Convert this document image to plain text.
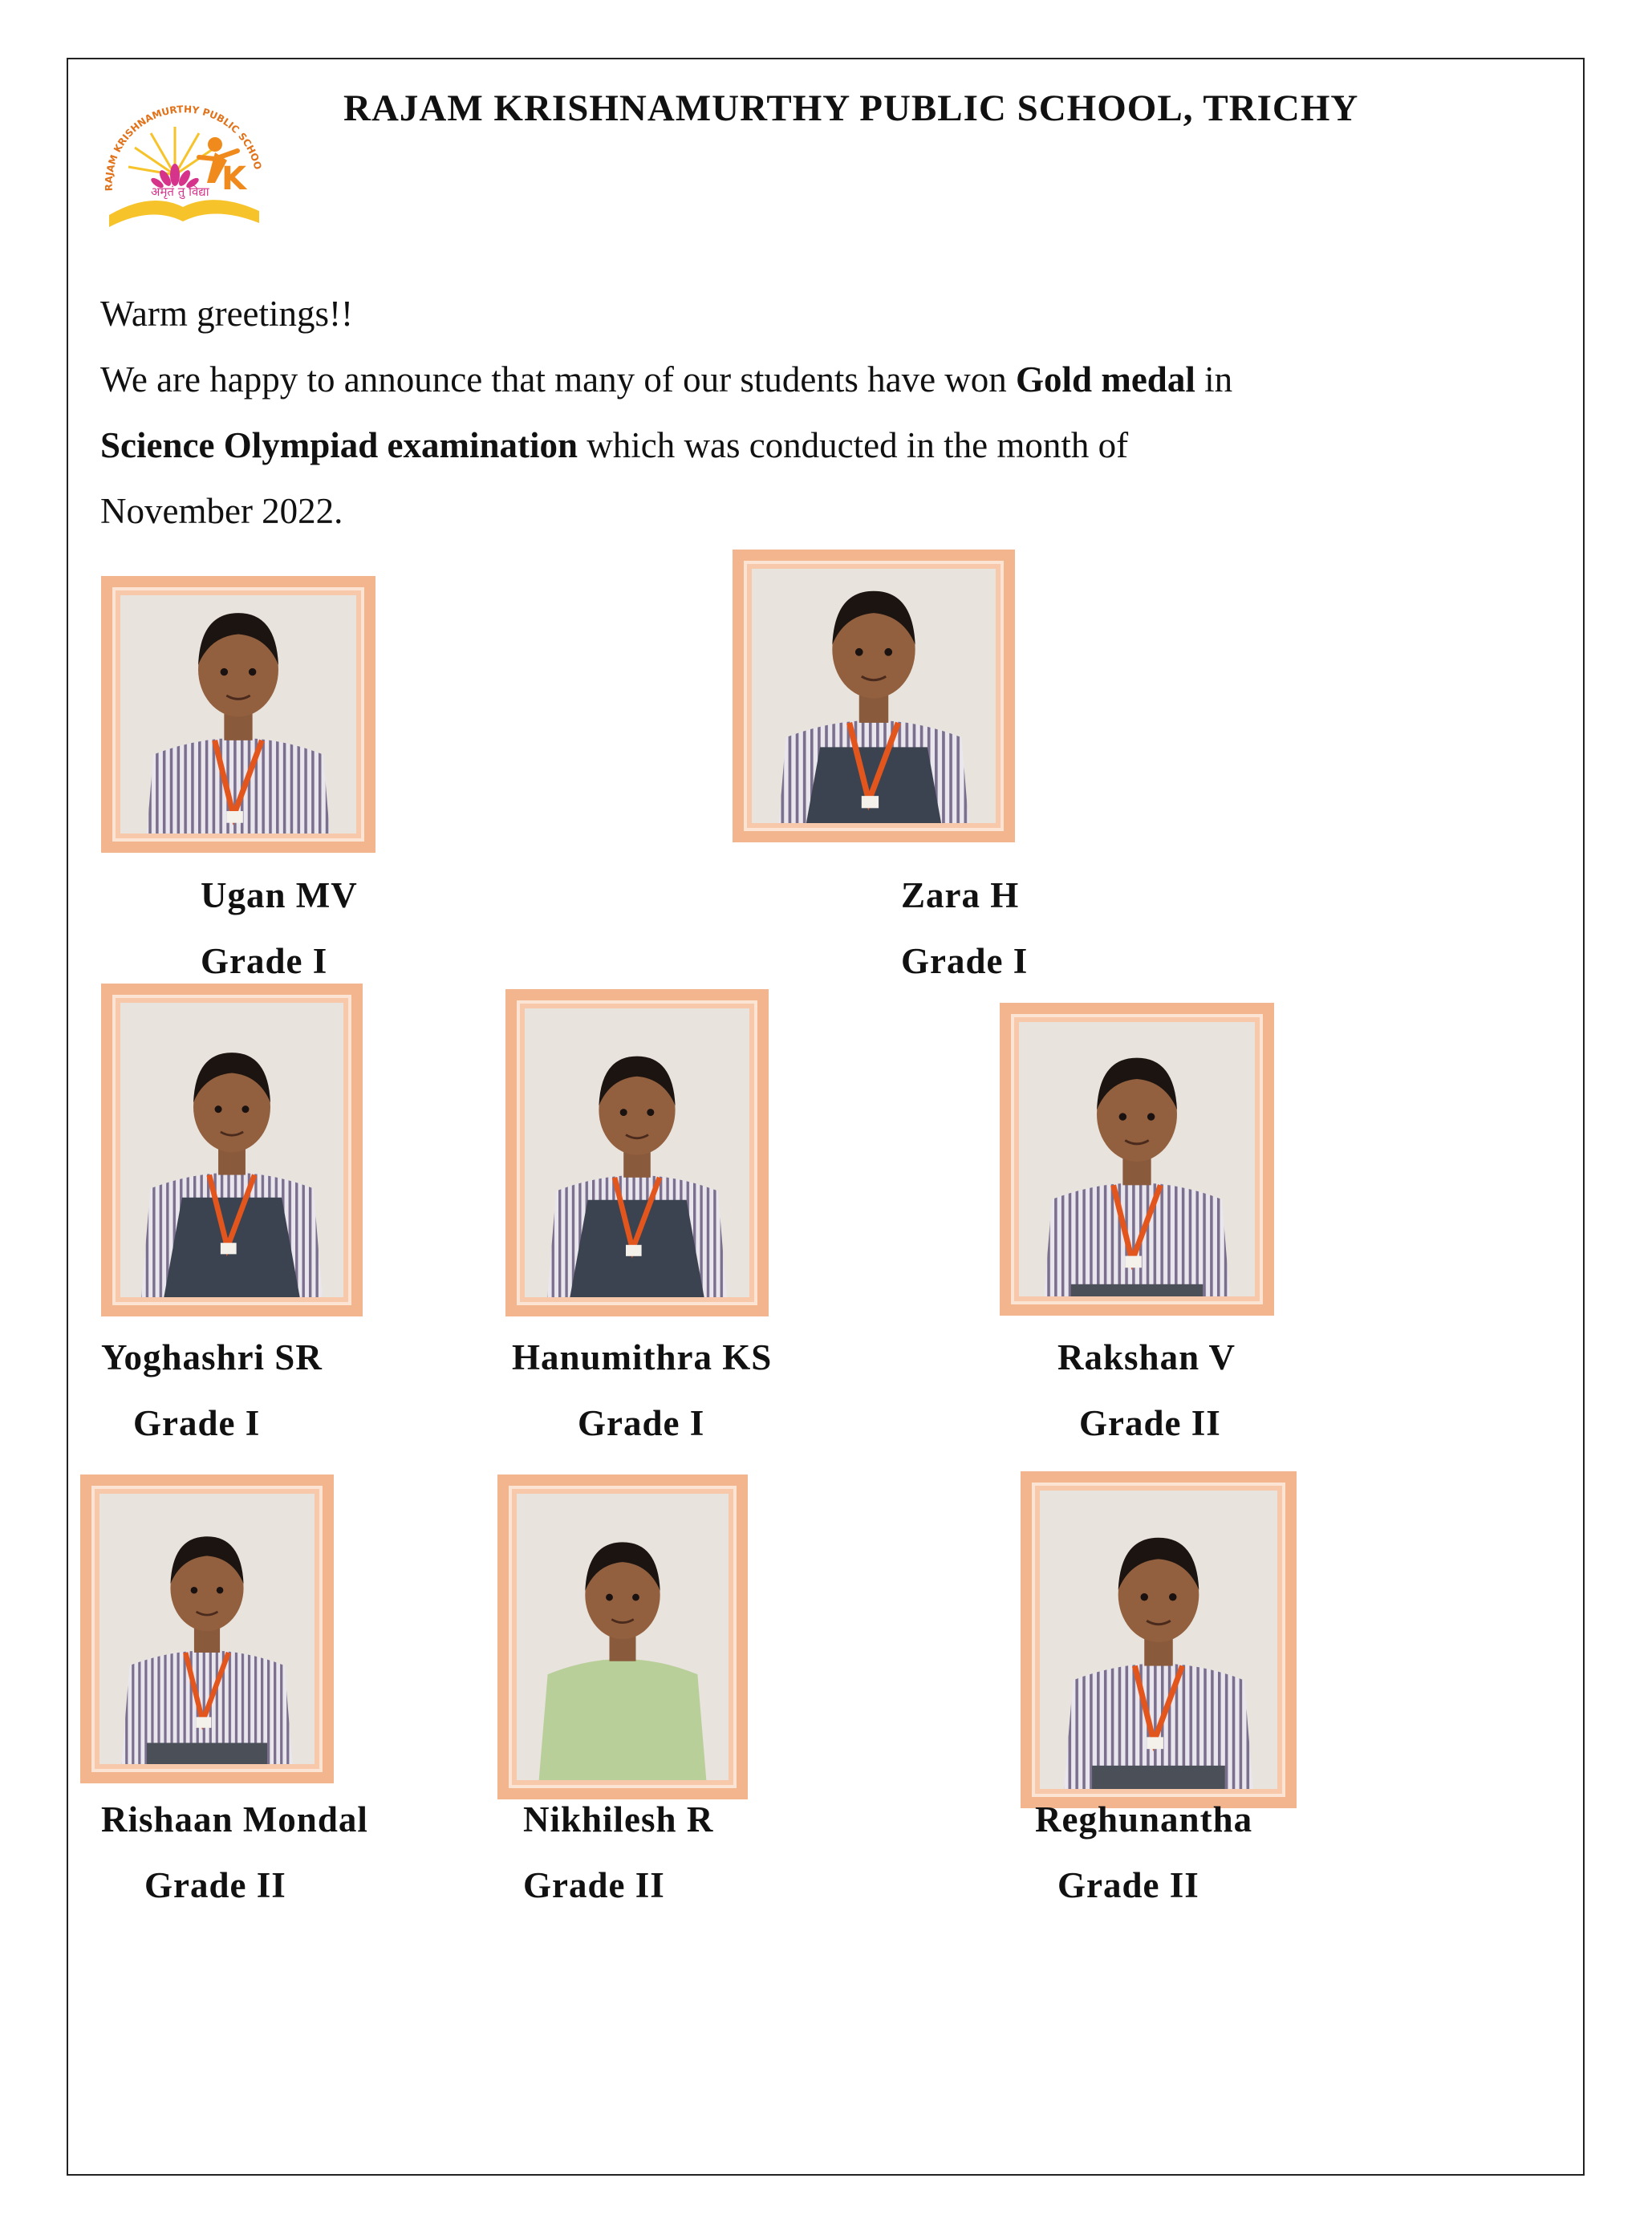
RAJAM KRISHNAMURTHY PUBLIC SCHOO
K
अमृतं तु विद्या
RAJAM KRISHNAMURTHY PUBLIC SCHOOL, TRICHY

Warm greetings!!

We are happy to announce that many of our students have won Gold medal in

Science Olympiad examination which was conducted in the month of

November 2022.

Ugan MV
Grade I
Zara H
Grade I
Yoghashri SR
Grade I
Hanumithra KS
Grade I
Rakshan V
Grade II
Rishaan Mondal
Grade II
Nikhilesh R
Grade II
Reghunantha
Grade II
